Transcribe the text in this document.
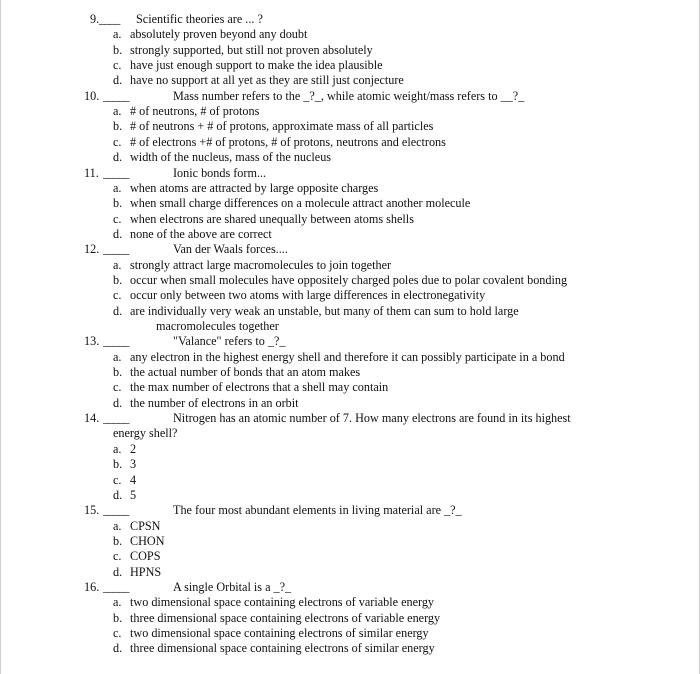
9. ____ Scientific theories are ... ?
a. absolutely proven beyond any doubt
b. strongly supported, but still not proven absolutely
c. have just enough support to make the idea plausible
d. have no support at all yet as they are still just conjecture
10. _____	Mass number refers to the _?_, while atomic weight/mass refers to __?_
a. # of neutrons, # of protons
b. # of neutrons + # of protons, approximate mass of all particles
c. # of electrons +# of protons, # of protons, neutrons and electrons
d. width of the nucleus, mass of the nucleus
11. _____	Ionic bonds form...
a. when atoms are attracted by large opposite charges
b. when small charge differences on a molecule attract another molecule
c. when electrons are shared unequally between atoms shells
d. none of the above are correct
12. _____	Van der Waals forces....
a. strongly attract large macromolecules to join together
b. occur when small molecules have oppositely charged poles due to polar covalent bonding
c. occur only between two atoms with large differences in electronegativity
d. are individually very weak an unstable, but many of them can sum to hold large
macromolecules together
13. _____	"Valance" refers to _?_
a. any electron in the highest energy shell and therefore it can possibly participate in a bond
b. the actual number of bonds that an atom makes
c. the max number of electrons that a shell may contain
d. the number of electrons in an orbit
14. _____	Nitrogen has an atomic number of 7. How many electrons are found in its highest
energy shell?
a. 2
b. 3
c. 4
d. 5
15. _____	The four most abundant elements in living material are _?_
a. CPSN
b. CHON
c. COPS
d. HPNS
16. _____	A single Orbital is a _?_
a. two dimensional space containing electrons of variable energy
b. three dimensional space containing electrons of variable energy
c. two dimensional space containing electrons of similar energy
d. three dimensional space containing electrons of similar energy
